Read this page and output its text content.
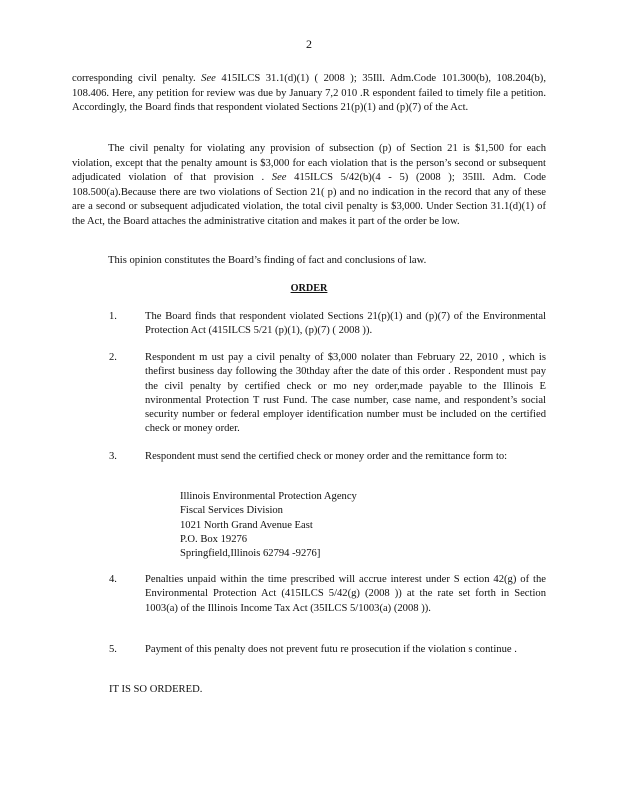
2

corresponding civil penalty. See 415ILCS 31.1(d)(1) ( 2008 ); 35Ill. Adm.Code 101.300(b), 108.204(b), 108.406. Here, any petition for review was due by January 7,2 010 .R espondent failed to timely file a petition. Accordingly, the Board finds that respondent violated Sections 21(p)(1) and (p)(7) of the Act.

The civil penalty for violating any provision of subsection (p) of Section 21 is $1,500 for each violation, except that the penalty amount is $3,000 for each violation that is the person’s second or subsequent adjudicated violation of that provision . See 415ILCS 5/42(b)(4 - 5) (2008 ); 35Ill. Adm. Code 108.500(a).Because there are two violations of Section 21( p) and no indication in the record that any of these are a second or subsequent adjudicated violation, the total civil penalty is $3,000. Under Section 31.1(d)(1) of the Act, the Board attaches the administrative citation and makes it part of the order be low.

This opinion constitutes the Board’s finding of fact and conclusions of law.

ORDER
1.	The Board finds that respondent violated Sections 21(p)(1) and (p)(7) of the Environmental Protection Act (415ILCS 5/21 (p)(1), (p)(7) ( 2008 )).
2.	Respondent m ust pay a civil penalty of $3,000 nolater than February 22, 2010 , which is thefirst business day following the 30thday after the date of this order . Respondent must pay the civil penalty by certified check or mo ney order,made payable to the Illinois E nvironmental Protection T rust Fund. The case number, case name, and respondent’s social security number or federal employer identification number must be included on the certified check or money order.
3.	Respondent must send the certified check or money order and the remittance form to:
Illinois Environmental Protection Agency
Fiscal Services Division
1021 North Grand Avenue East
P.O. Box 19276
Springfield,Illinois 62794 -9276]
4.	Penalties unpaid within the time prescribed will accrue interest under S ection 42(g) of the Environmental Protection Act (415ILCS 5/42(g) (2008 )) at the rate set forth in Section 1003(a) of the Illinois Income Tax Act (35ILCS 5/1003(a) (2008 )).
5.	Payment of this penalty does not prevent futu re prosecution if the violation s continue .
IT IS SO ORDERED.
